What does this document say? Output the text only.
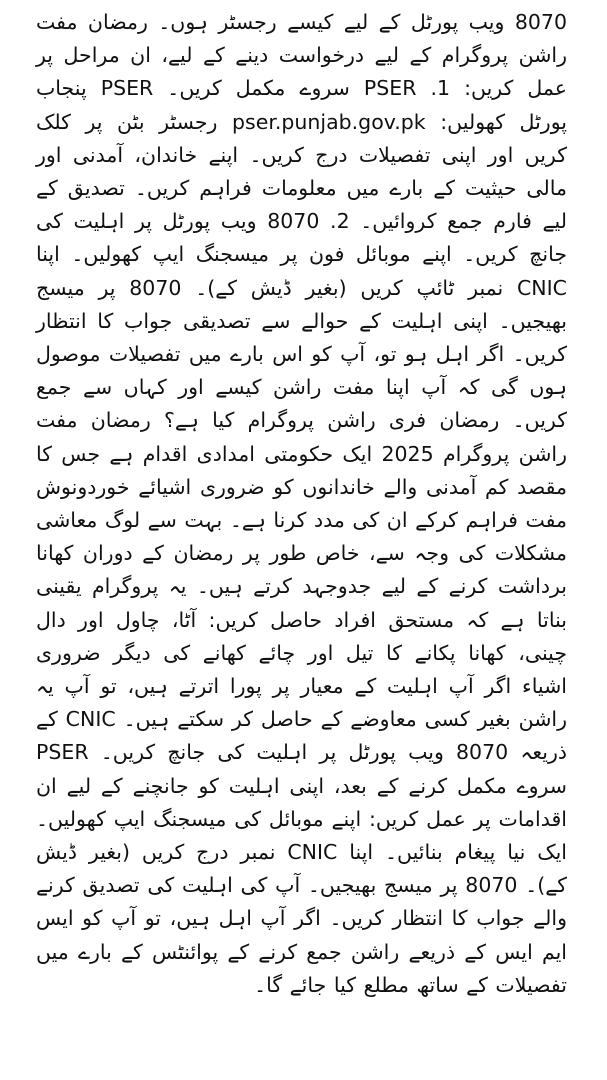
8070 ویب پورٹل کے لیے کیسے رجسٹر ہوں۔ رمضان مفت راشن پروگرام کے لیے درخواست دینے کے لیے، ان مراحل پر عمل کریں: PSER .1 سروے مکمل کریں۔ PSER پنجاب پورٹل کھولیں: pser.punjab.gov.pk رجسٹر بٹن پر کلک کریں اور اپنی تفصیلات درج کریں۔ اپنے خاندان، آمدنی اور مالی حیثیت کے بارے میں معلومات فراہم کریں۔ تصدیق کے لیے فارم جمع کروائیں۔ 2. 8070 ویب پورٹل پر اہلیت کی جانچ کریں۔ اپنے موبائل فون پر میسجنگ ایپ کھولیں۔ اپنا CNIC نمبر ٹائپ کریں (بغیر ڈیش کے)۔ 8070 پر میسج بھیجیں۔ اپنی اہلیت کے حوالے سے تصدیقی جواب کا انتظار کریں۔ اگر اہل ہو تو، آپ کو اس بارے میں تفصیلات موصول ہوں گی کہ آپ اپنا مفت راشن کیسے اور کہاں سے جمع کریں۔ رمضان فری راشن پروگرام کیا ہے؟ رمضان مفت راشن پروگرام 2025 ایک حکومتی امدادی اقدام ہے جس کا مقصد کم آمدنی والے خاندانوں کو ضروری اشیائے خوردونوش مفت فراہم کرکے ان کی مدد کرنا ہے۔ بہت سے لوگ معاشی مشکلات کی وجہ سے، خاص طور پر رمضان کے دوران کھانا برداشت کرنے کے لیے جدوجہد کرتے ہیں۔ یہ پروگرام یقینی بناتا ہے کہ مستحق افراد حاصل کریں: آٹا، چاول اور دال چینی، کھانا پکانے کا تیل اور چائے کھانے کی دیگر ضروری اشیاء اگر آپ اہلیت کے معیار پر پورا اترتے ہیں، تو آپ یہ راشن بغیر کسی معاوضے کے حاصل کر سکتے ہیں۔ CNIC کے ذریعہ 8070 ویب پورٹل پر اہلیت کی جانچ کریں۔ PSER سروے مکمل کرنے کے بعد، اپنی اہلیت کو جانچنے کے لیے ان اقدامات پر عمل کریں: اپنے موبائل کی میسجنگ ایپ کھولیں۔ ایک نیا پیغام بنائیں۔ اپنا CNIC نمبر درج کریں (بغیر ڈیش کے)۔ 8070 پر میسج بھیجیں۔ آپ کی اہلیت کی تصدیق کرنے والے جواب کا انتظار کریں۔ اگر آپ اہل ہیں، تو آپ کو ایس ایم ایس کے ذریعے راشن جمع کرنے کے پوائنٹس کے بارے میں تفصیلات کے ساتھ مطلع کیا جائے گا۔
